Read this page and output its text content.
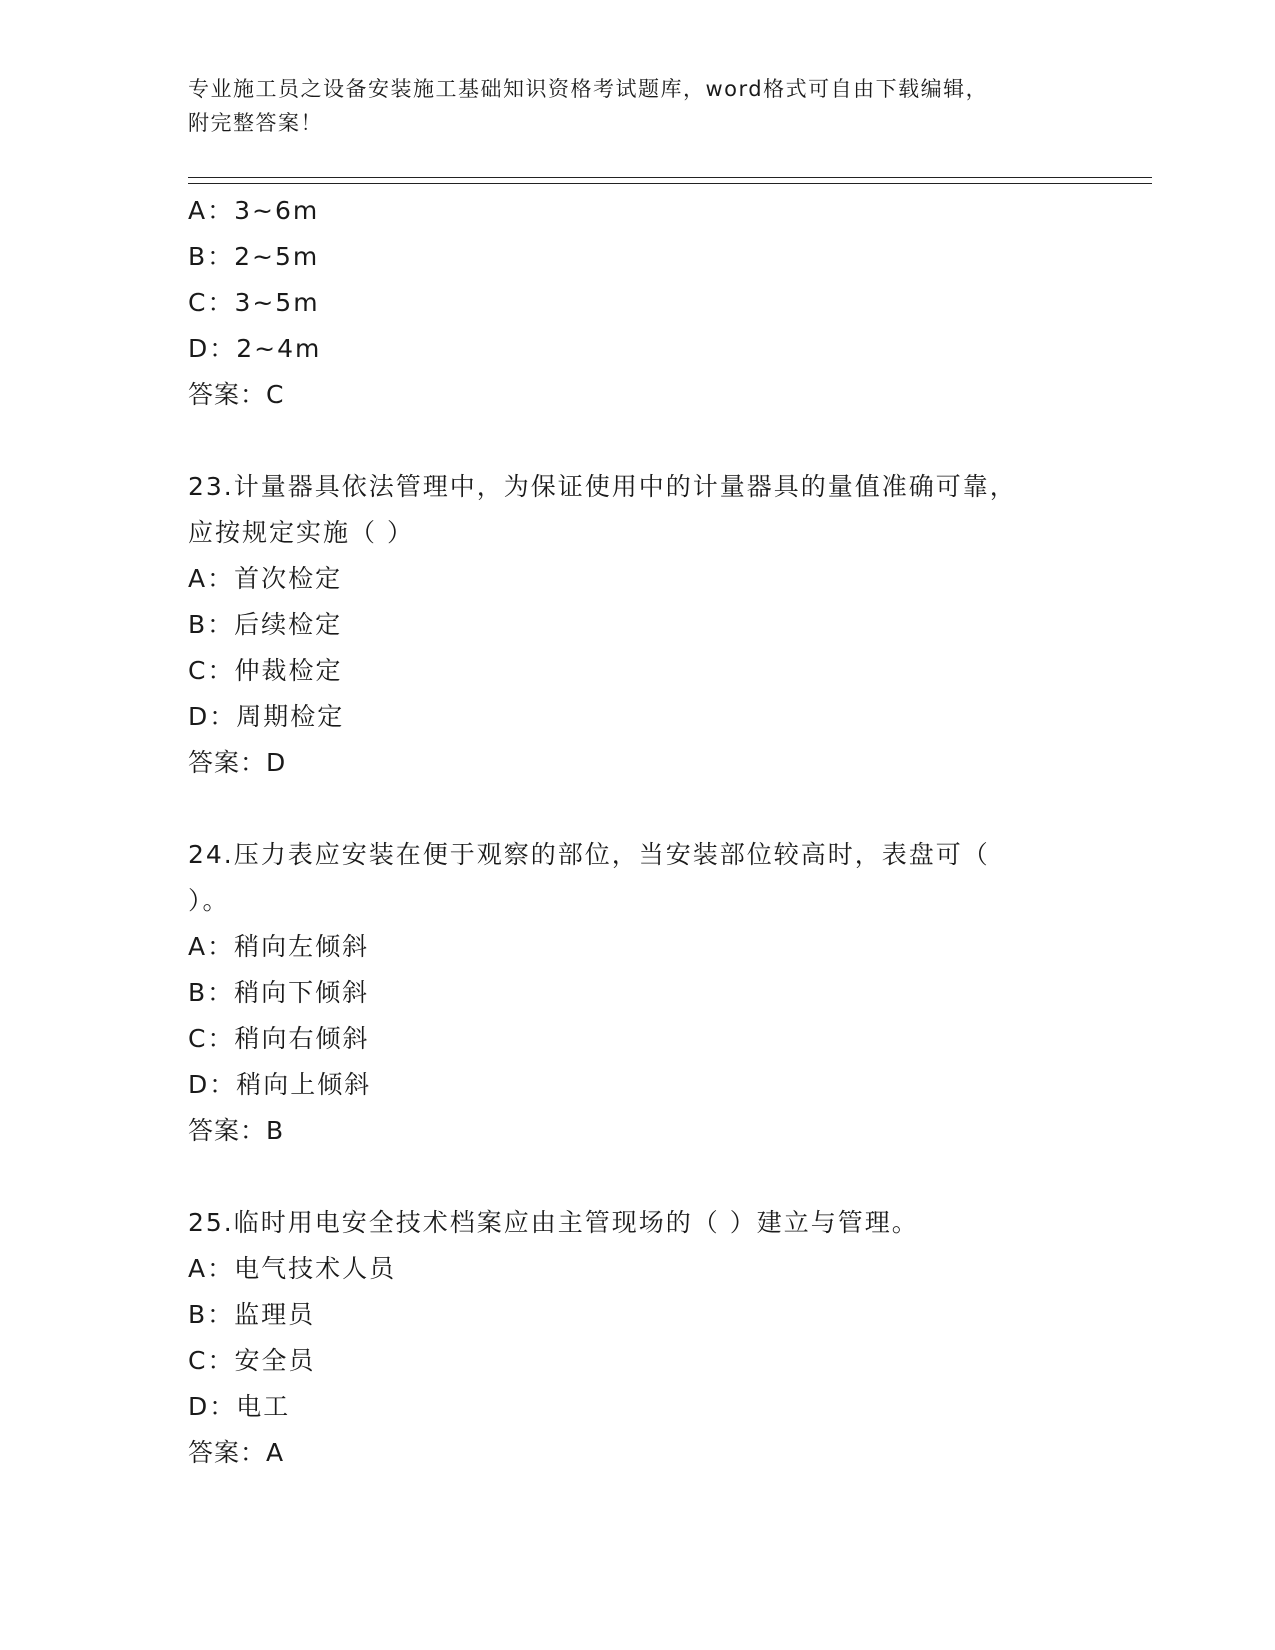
专业施工员之设备安装施工基础知识资格考试题库，word格式可自由下载编辑，
附完整答案！
A：3~6m
B：2~5m
C：3~5m
D：2~4m
答案：C
23.计量器具依法管理中，为保证使用中的计量器具的量值准确可靠，
应按规定实施（ ）
A：首次检定
B：后续检定
C：仲裁检定
D：周期检定
答案：D
24.压力表应安装在便于观察的部位，当安装部位较高时，表盘可（
）。
A：稍向左倾斜
B：稍向下倾斜
C：稍向右倾斜
D：稍向上倾斜
答案：B
25.临时用电安全技术档案应由主管现场的（ ）建立与管理。
A：电气技术人员
B：监理员
C：安全员
D：电工
答案：A
